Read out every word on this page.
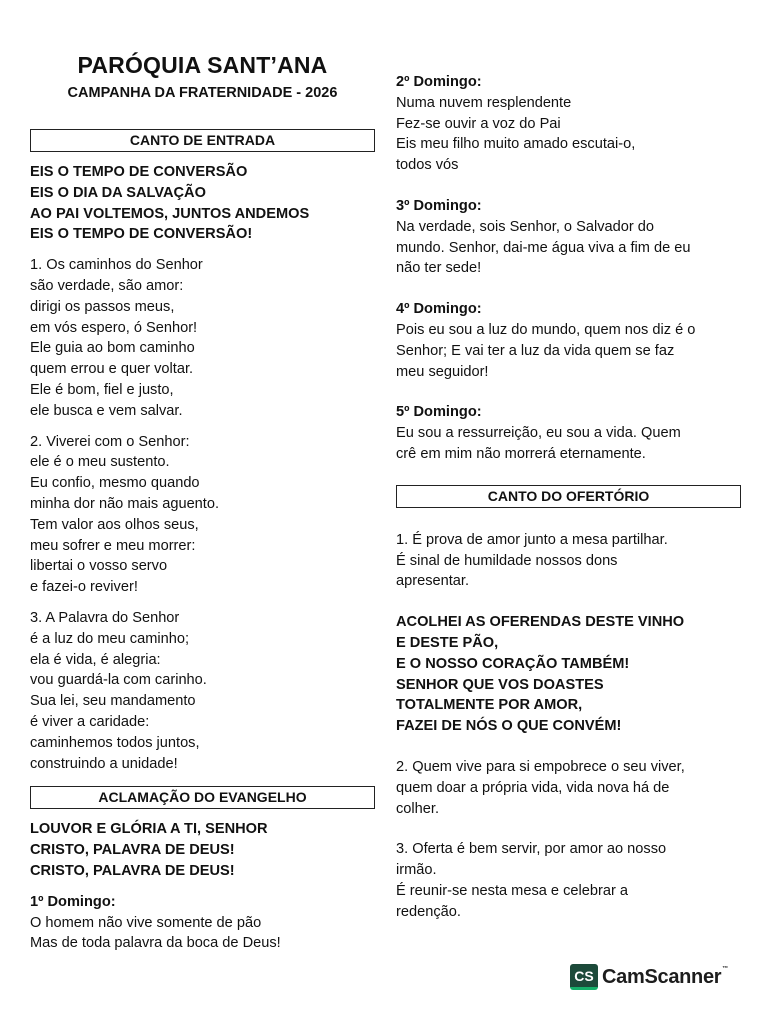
PARÓQUIA SANT’ANA
CAMPANHA DA FRATERNIDADE - 2026
CANTO DE ENTRADA

EIS O TEMPO DE CONVERSÃO

EIS O DIA DA SALVAÇÃO

AO PAI VOLTEMOS, JUNTOS ANDEMOS

EIS O TEMPO DE CONVERSÃO!

1. Os caminhos do Senhor

são verdade, são amor:

dirigi os passos meus,

em vós espero, ó Senhor!

Ele guia ao bom caminho

quem errou e quer voltar.

Ele é bom, fiel e justo,

ele busca e vem salvar.

2. Viverei com o Senhor:

ele é o meu sustento.

Eu confio, mesmo quando

minha dor não mais aguento.

Tem valor aos olhos seus,

meu sofrer e meu morrer:

libertai o vosso servo

e fazei-o reviver!

3. A Palavra do Senhor

é a luz do meu caminho;

ela é vida, é alegria:

vou guardá-la com carinho.

Sua lei, seu mandamento

é viver a caridade:

caminhemos todos juntos,

construindo a unidade!

ACLAMAÇÃO DO EVANGELHO

LOUVOR E GLÓRIA A TI, SENHOR

CRISTO, PALAVRA DE DEUS!

CRISTO, PALAVRA DE DEUS!

1º Domingo:

O homem não vive somente de pão

Mas de toda palavra da boca de Deus!

2º Domingo:

Numa nuvem resplendente

Fez-se ouvir a voz do Pai

Eis meu filho muito amado escutai-o,

todos vós

3º Domingo:

Na verdade, sois Senhor, o Salvador do

mundo. Senhor, dai-me água viva a fim de eu

não ter sede!

4º Domingo:

Pois eu sou a luz do mundo, quem nos diz é o

Senhor; E vai ter a luz da vida quem se faz

meu seguidor!

5º Domingo:

Eu sou a ressurreição, eu sou a vida. Quem

crê em mim não morrerá eternamente.

CANTO DO OFERTÓRIO

1. É prova de amor junto a mesa partilhar.

É sinal de humildade nossos dons

apresentar.

ACOLHEI AS OFERENDAS DESTE VINHO

E DESTE PÃO,

E O NOSSO CORAÇÃO TAMBÉM!

SENHOR QUE VOS DOASTES

TOTALMENTE POR AMOR,

FAZEI DE NÓS O QUE CONVÉM!

2. Quem vive para si empobrece o seu viver,

quem doar a própria vida, vida nova há de

colher.

3. Oferta é bem servir, por amor ao nosso

irmão.

É reunir-se nesta mesa e celebrar a

redenção.

CS CamScanner™
